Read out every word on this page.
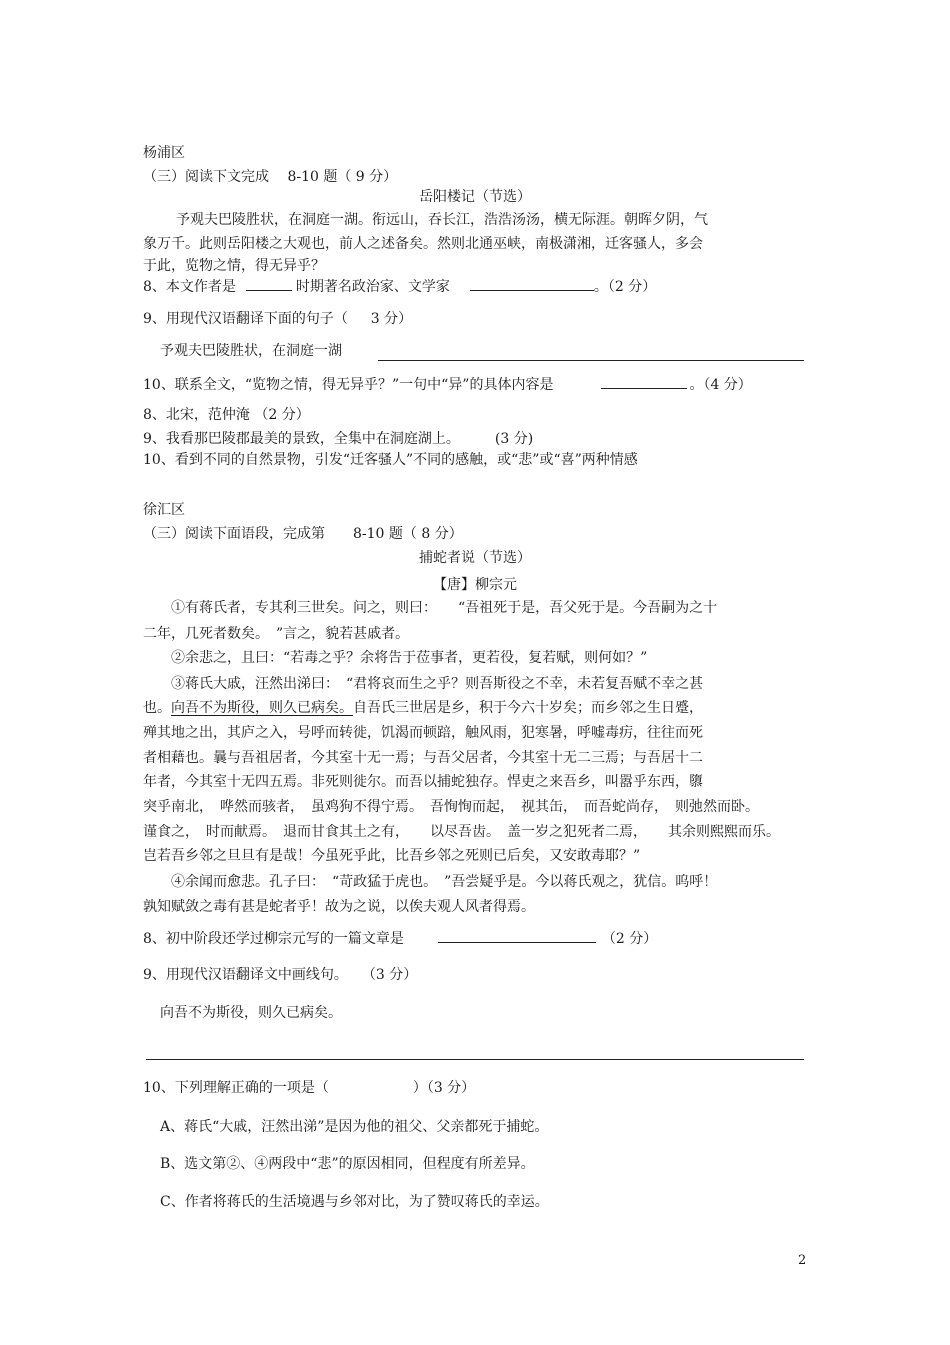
杨浦区
（三）阅读下文完成　 8-10 题（ 9 分）
岳阳楼记（节选）
予观夫巴陵胜状，在洞庭一湖。衔远山，吞长江，浩浩汤汤，横无际涯。朝晖夕阴，气
象万千。此则岳阳楼之大观也，前人之述备矣。然则北通巫峡，南极潇湘，迁客骚人，多会
于此，览物之情，得无异乎？
8、本文作者是	时期著名政治家、文学家	。（2 分）
9、用现代汉语翻译下面的句子（　  3 分）
予观夫巴陵胜状，在洞庭一湖
10、联系全文，“览物之情，得无异乎？”一句中“异”的具体内容是	。（4 分）
8、北宋，范仲淹 （2 分）
9、我看那巴陵郡最美的景致，全集中在洞庭湖上。　　　(3 分)
10、看到不同的自然景物，引发“迁客骚人”不同的感触，或“悲”或“喜”两种情感
徐汇区
（三）阅读下面语段，完成第　　8-10 题（ 8 分）
捕蛇者说（节选）
【唐】柳宗元
　　①有蒋氏者，专其利三世矣。问之，则曰：　　“吾祖死于是，吾父死于是。今吾嗣为之十
二年，几死者数矣。　”言之，貌若甚戚者。
　　②余悲之，且曰：“若毒之乎？余将告于莅事者，更若役，复若赋，则何如？”
　　③蒋氏大戚，汪然出涕曰：　“君将哀而生之乎？则吾斯役之不幸，未若复吾赋不幸之甚
也。向吾不为斯役，则久已病矣。自吾氏三世居是乡，积于今六十岁矣；而乡邻之生日蹙，
殚其地之出，其庐之入，号呼而转徙，饥渴而顿踣，触风雨，犯寒暑，呼嘘毒疠，往往而死
者相藉也。曩与吾祖居者，今其室十无一焉；与吾父居者，今其室十无二三焉；与吾居十二
年者，今其室十无四五焉。非死则徙尔。而吾以捕蛇独存。悍吏之来吾乡，叫嚣乎东西，隳
突乎南北，　哗然而骇者，　虽鸡狗不得宁焉。　吾恂恂而起，　视其缶，　而吾蛇尚存，　则弛然而卧。
谨食之，　时而献焉。　退而甘食其土之有，　　以尽吾齿。　盖一岁之犯死者二焉，　　其余则熙熙而乐。
岂若吾乡邻之旦旦有是哉！今虽死乎此，比吾乡邻之死则已后矣，又安敢毒耶？”
　　④余闻而愈悲。孔子曰：　“苛政猛于虎也。　”吾尝疑乎是。今以蒋氏观之，犹信。呜呼！
孰知赋敛之毒有甚是蛇者乎！故为之说，以俟夫观人风者得焉。
8、初中阶段还学过柳宗元写的一篇文章是	（2 分）
9、用现代汉语翻译文中画线句。　　（3 分）
向吾不为斯役，则久已病矣。
10、下列理解正确的一项是（　　　　　　）（3 分）
A、蒋氏“大戚，汪然出涕”是因为他的祖父、父亲都死于捕蛇。
B、选文第②、④两段中“悲”的原因相同，但程度有所差异。
C、作者将蒋氏的生活境遇与乡邻对比，为了赞叹蒋氏的幸运。
2
